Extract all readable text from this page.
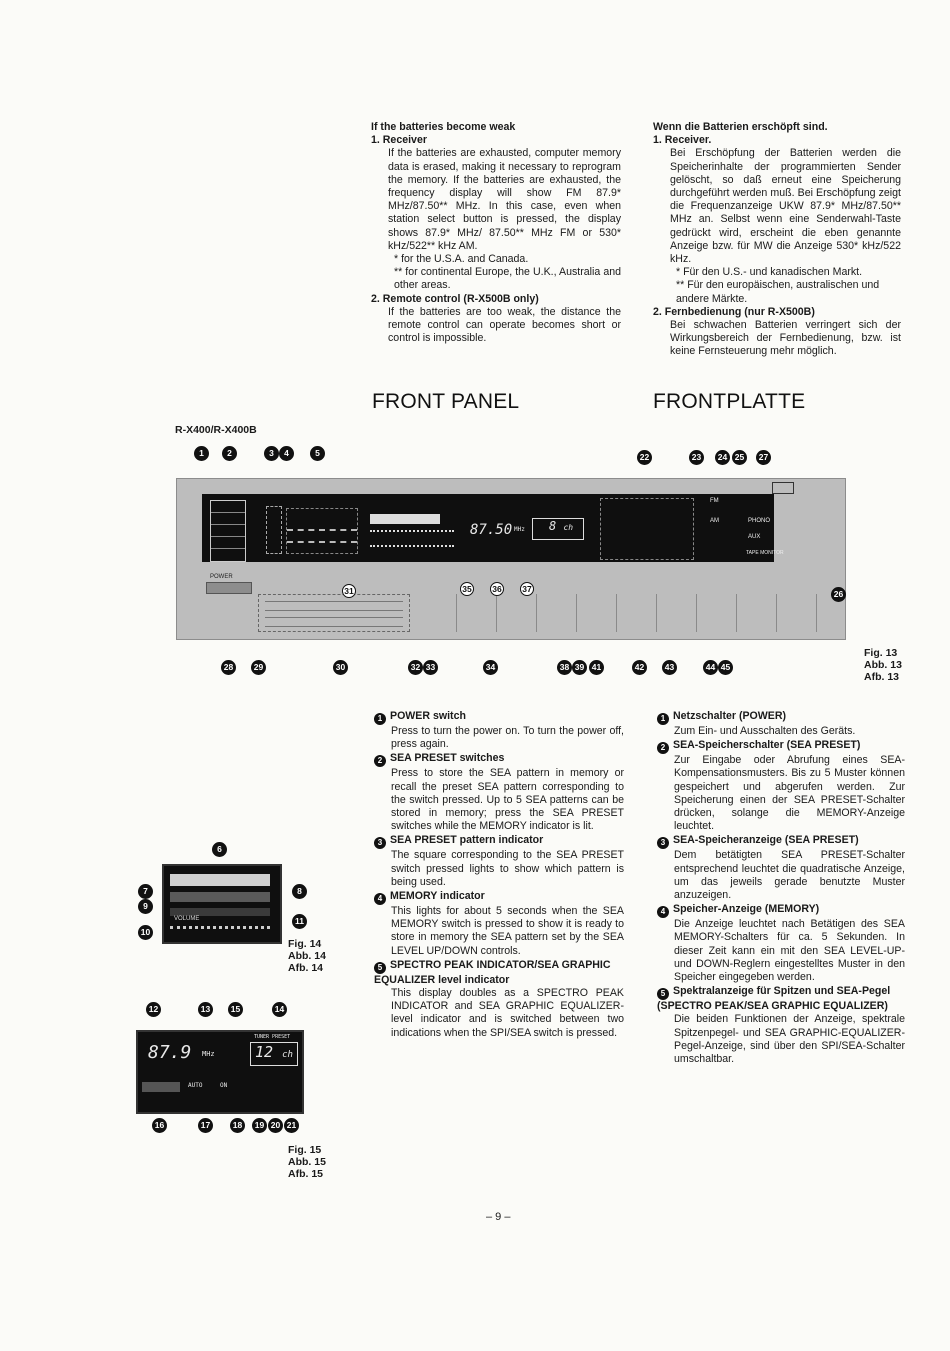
If the batteries become weak

1. Receiver

If the batteries are exhausted, computer memory data is erased, making it necessary to reprogram the memory. If the batteries are exhausted, the frequency display will show FM 87.9* MHz/87.50** MHz. In this case, even when station select button is pressed, the display shows 87.9* MHz/ 87.50** MHz FM or 530* kHz/522** kHz AM.

* for the U.S.A. and Canada.

** for continental Europe, the U.K., Australia and other areas.

2. Remote control (R-X500B only)

If the batteries are too weak, the distance the remote control can operate becomes short or control is impossible.

Wenn die Batterien erschöpft sind.

1. Receiver.

Bei Erschöpfung der Batterien werden die Speicherinhalte der programmierten Sender gelöscht, so daß erneut eine Speicherung durchgeführt werden muß. Bei Erschöpfung zeigt die Frequenzanzeige UKW 87.9* MHz/87.50** MHz an. Selbst wenn eine Senderwahl-Taste gedrückt wird, erscheint die eben genannte Anzeige bzw. für MW die Anzeige 530* kHz/522 kHz.

* Für den U.S.- und kanadischen Markt.

** Für den europäischen, australischen und andere Märkte.

2. Fernbedienung (nur R-X500B)

Bei schwachen Batterien verringert sich der Wirkungsbereich der Fernbedienung, bzw. ist keine Fernsteuerung mehr möglich.

FRONT PANEL	FRONTPLATTE
R-X400/R-X400B
POWER
87.50 MHz	8 ch
FM
AM	PHONO
AUX
TAPE MONITOR
31	35 36 37	26
1	2	3	4	5	22	23	24 25	27
28	29	30	32 33	34	38 39 41	42	43	44 45
Fig. 13
Abb. 13
Afb. 13
VOLUME
6
7	8
9
10
11
Fig. 14
Abb. 14
Afb. 14
87.9 MHz
TUNER PRESET
12 ch
AUTO	ON
12	13	15	14
16	17	18	19 20 21
Fig. 15
Abb. 15
Afb. 15

1 POWER switch

Press to turn the power on. To turn the power off, press again.

2 SEA PRESET switches

Press to store the SEA pattern in memory or recall the preset SEA pattern corresponding to the switch pressed. Up to 5 SEA patterns can be stored in memory; press the SEA PRESET switches while the MEMORY indicator is lit.

3 SEA PRESET pattern indicator

The square corresponding to the SEA PRESET switch pressed lights to show which pattern is being used.

4 MEMORY indicator

This lights for about 5 seconds when the SEA MEMORY switch is pressed to show it is ready to store in memory the SEA pattern set by the SEA LEVEL UP/DOWN controls.

5 SPECTRO PEAK INDICATOR/SEA GRAPHIC EQUALIZER level indicator

This display doubles as a SPECTRO PEAK INDICATOR and SEA GRAPHIC EQUALIZER-level indicator and is switched between two indications when the SPI/SEA switch is pressed.

1 Netzschalter (POWER)

Zum Ein- und Ausschalten des Geräts.

2 SEA-Speicherschalter (SEA PRESET)

Zur Eingabe oder Abrufung eines SEA-Kompensationsmusters. Bis zu 5 Muster können gespeichert und abgerufen werden. Zur Speicherung einen der SEA PRESET-Schalter drücken, solange die MEMORY-Anzeige leuchtet.

3 SEA-Speicheranzeige (SEA PRESET)

Dem betätigten SEA PRESET-Schalter entsprechend leuchtet die quadratische Anzeige, um das jeweils gerade benutzte Muster anzuzeigen.

4 Speicher-Anzeige (MEMORY)

Die Anzeige leuchtet nach Betätigen des SEA MEMORY-Schalters für ca. 5 Sekunden. In dieser Zeit kann ein mit den SEA LEVEL-UP- und DOWN-Reglern eingestelltes Muster in den Speicher eingegeben werden.

5 Spektralanzeige für Spitzen und SEA-Pegel (SPECTRO PEAK/SEA GRAPHIC EQUALIZER)

Die beiden Funktionen der Anzeige, spektrale Spitzenpegel- und SEA GRAPHIC-EQUALIZER-Pegel-Anzeige, sind über den SPI/SEA-Schalter umschaltbar.

– 9 –
